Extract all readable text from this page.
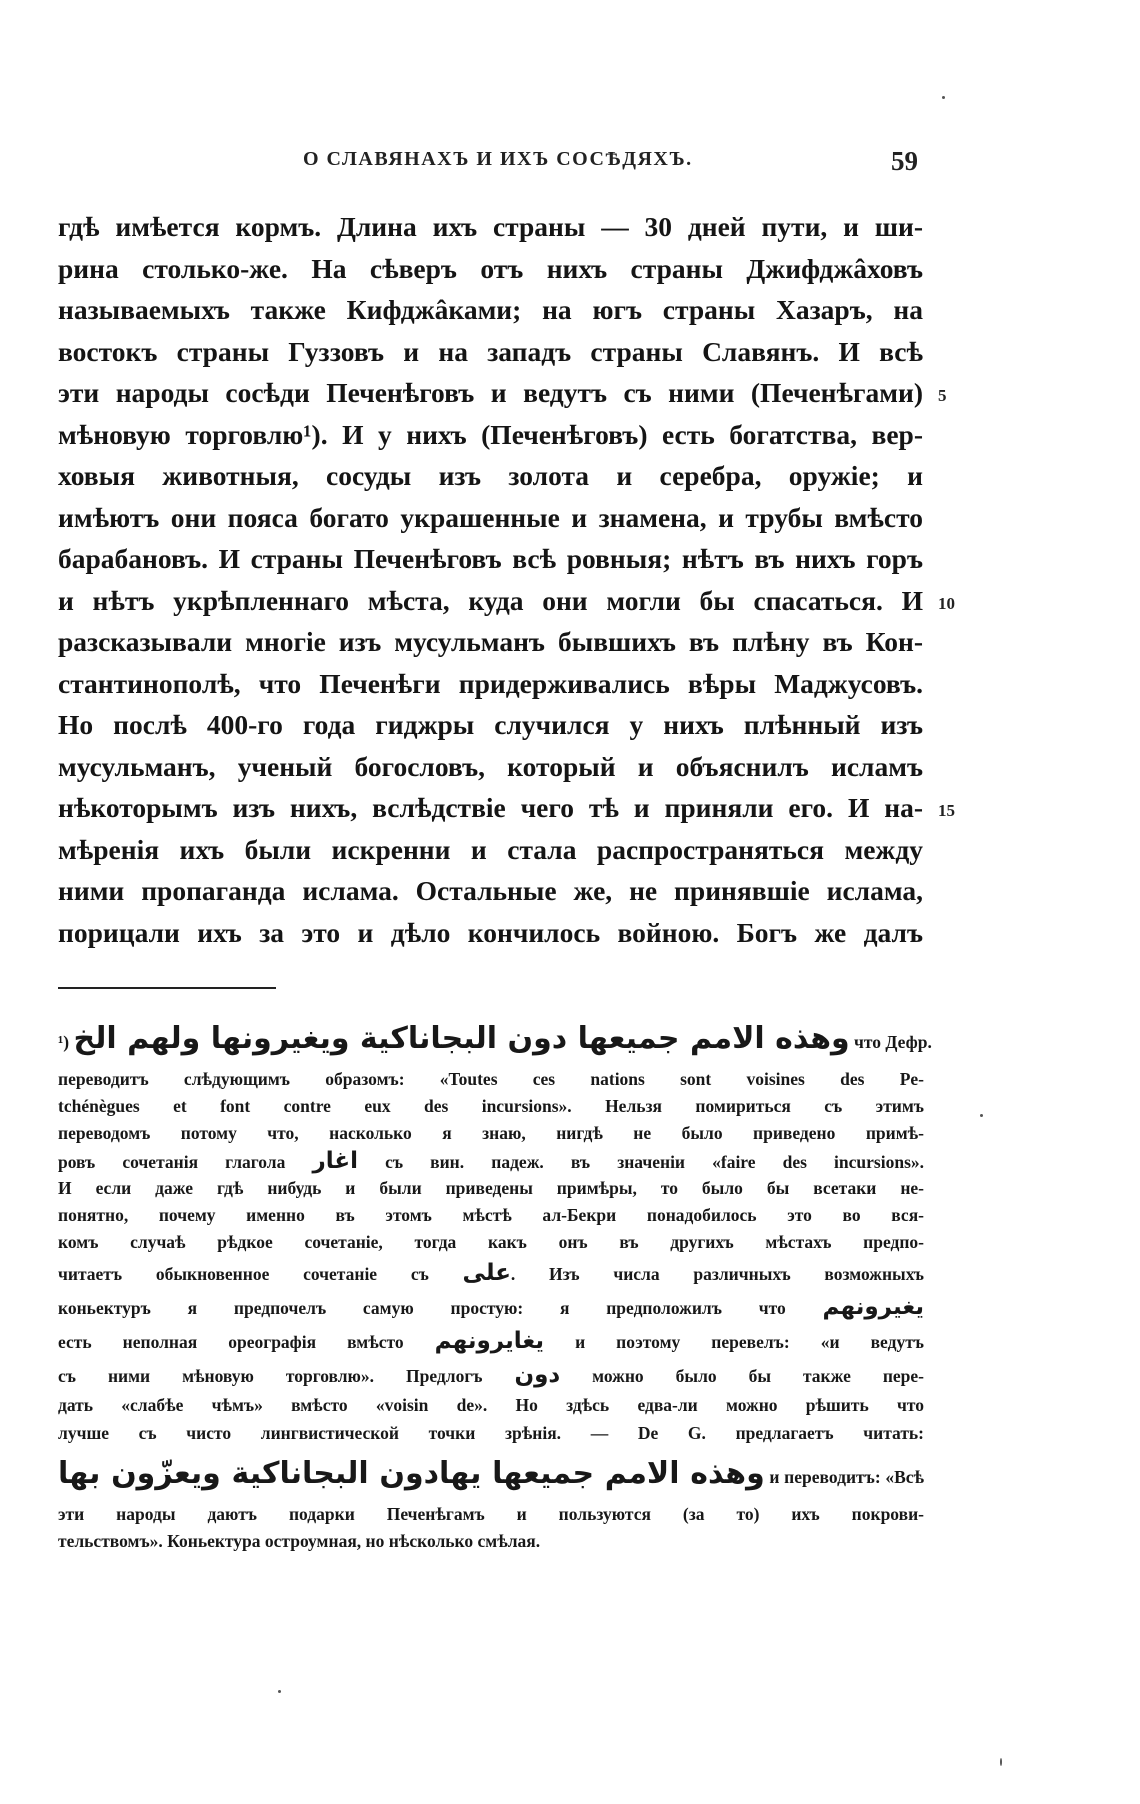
О СЛАВЯНАХЪ И ИХЪ СОСѢДЯХЪ.	59
гдѣ имѣется кормъ. Длина ихъ страны — 30 дней пути, и ши-
рина столько-же. На сѣверъ отъ нихъ страны Джифджâховъ
называемыхъ также Кифджâками; на югъ страны Хазаръ, на
востокъ страны Гуззовъ и на западъ страны Славянъ. И всѣ
эти народы сосѣди Печенѣговъ и ведутъ съ ними (Печенѣгами)
мѣновую торговлю¹). И у нихъ (Печенѣговъ) есть богатства, вер-
ховыя животныя, сосуды изъ золота и серебра, оружіе; и
имѣютъ они пояса богато украшенные и знамена, и трубы вмѣсто
барабановъ. И страны Печенѣговъ всѣ ровныя; нѣтъ въ нихъ горъ
и нѣтъ укрѣпленнаго мѣста, куда они могли бы спасаться. И
разсказывали многіе изъ мусульманъ бывшихъ въ плѣну въ Кон-
стантинополѣ, что Печенѣги придерживались вѣры Маджусовъ.
Но послѣ 400-го года гиджры случился у нихъ плѣнный изъ
мусульманъ, ученый богословъ, который и объяснилъ исламъ
нѣкоторымъ изъ нихъ, вслѣдствіе чего тѣ и приняли его. И на-
мѣренія ихъ были искренни и стала распространяться между
ними пропаганда ислама. Остальные же, не принявшіе ислама,
порицали ихъ за это и дѣло кончилось войною. Богъ же далъ
5
10
15
¹) وهذه الامم جميعها دون البجاناكية ويغيرونها ولهم الخ что Дефр.
переводитъ слѣдующимъ образомъ: «Toutes ces nations sont voisines des Pe-
tchénègues et font contre eux des incursions». Нельзя помириться съ этимъ
переводомъ потому что, насколько я знаю, нигдѣ не было приведено примѣ-
ровъ сочетанія глагола اغار съ вин. падеж. въ значеніи «faire des incursions».
И если даже гдѣ нибудь и были приведены примѣры, то было бы всетаки не-
понятно, почему именно въ этомъ мѣстѣ ал-Бекри понадобилось это во вся-
комъ случаѣ рѣдкое сочетаніе, тогда какъ онъ въ другихъ мѣстахъ предпо-
читаетъ обыкновенное сочетаніе съ على. Изъ числа различныхъ возможныхъ
коньектуръ я предпочелъ самую простую: я предположилъ что يغيرونهم
есть неполная ореографія вмѣсто يغايرونهم и поэтому перевелъ: «и ведутъ
съ ними мѣновую торговлю». Предлогъ دون можно было бы также пере-
дать «слабѣе чѣмъ» вмѣсто «voisin de». Но здѣсь едва-ли можно рѣшить что
лучше съ чисто лингвистической точки зрѣнія. — De G. предлагаетъ читать:
وهذه الامم جميعها يهادون البجاناكية ويعزّون بها и переводитъ: «Всѣ
эти народы даютъ подарки Печенѣгамъ и пользуются (за то) ихъ покрови-
тельствомъ». Коньектура остроумная, но нѣсколько смѣлая.
